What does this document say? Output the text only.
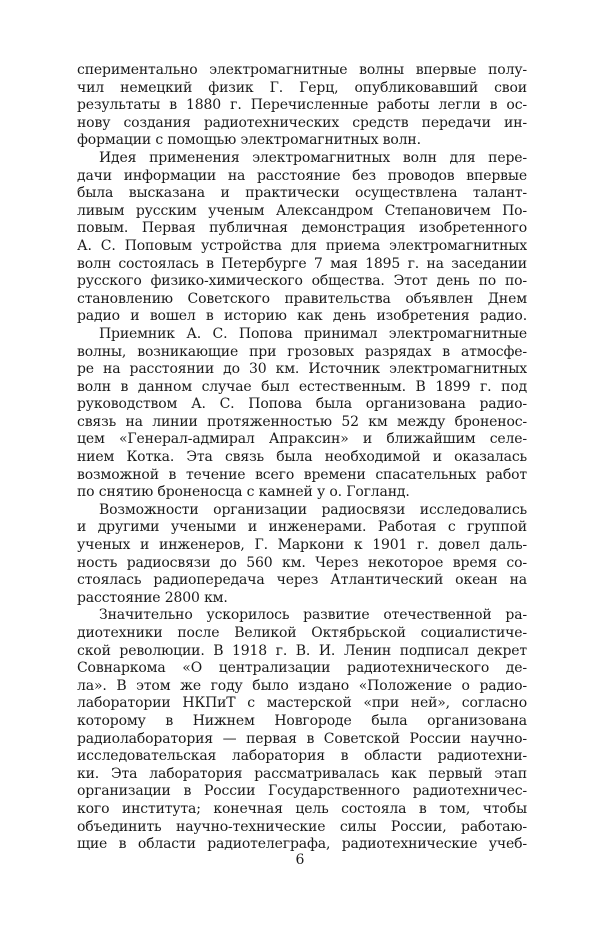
спериментально электромагнитные волны впервые полу-
чил немецкий физик Г. Герц, опубликовавший свои
результаты в 1880 г. Перечисленные работы легли в ос-
нову создания радиотехнических средств передачи ин-
формации с помощью электромагнитных волн.
Идея применения электромагнитных волн для пере-
дачи информации на расстояние без проводов впервые
была высказана и практически осуществлена талант-
ливым русским ученым Александром Степановичем По-
повым. Первая публичная демонстрация изобретенного
А. С. Поповым устройства для приема электромагнитных
волн состоялась в Петербурге 7 мая 1895 г. на заседании
русского физико-химического общества. Этот день по по-
становлению Советского правительства объявлен Днем
радио и вошел в историю как день изобретения радио.
Приемник А. С. Попова принимал электромагнитные
волны, возникающие при грозовых разрядах в атмосфе-
ре на расстоянии до 30 км. Источник электромагнитных
волн в данном случае был естественным. В 1899 г. под
руководством А. С. Попова была организована радио-
связь на линии протяженностью 52 км между броненос-
цем «Генерал-адмирал Апраксин» и ближайшим селе-
нием Котка. Эта связь была необходимой и оказалась
возможной в течение всего времени спасательных работ
по снятию броненосца с камней у о. Гогланд.
Возможности организации радиосвязи исследовались
и другими учеными и инженерами. Работая с группой
ученых и инженеров, Г. Маркони к 1901 г. довел даль-
ность радиосвязи до 560 км. Через некоторое время со-
стоялась радиопередача через Атлантический океан на
расстояние 2800 км.
Значительно ускорилось развитие отечественной ра-
диотехники после Великой Октябрьской социалистиче-
ской революции. В 1918 г. В. И. Ленин подписал декрет
Совнаркома «О централизации радиотехнического де-
ла». В этом же году было издано «Положение о радио-
лаборатории НКПиТ с мастерской «при ней», согласно
которому в Нижнем Новгороде была организована
радиолаборатория — первая в Советской России научно-
исследовательская лаборатория в области радиотехни-
ки. Эта лаборатория рассматривалась как первый этап
организации в России Государственного радиотехничес-
кого института; конечная цель состояла в том, чтобы
объединить научно-технические силы России, работаю-
щие в области радиотелеграфа, радиотехнические учеб-
6
